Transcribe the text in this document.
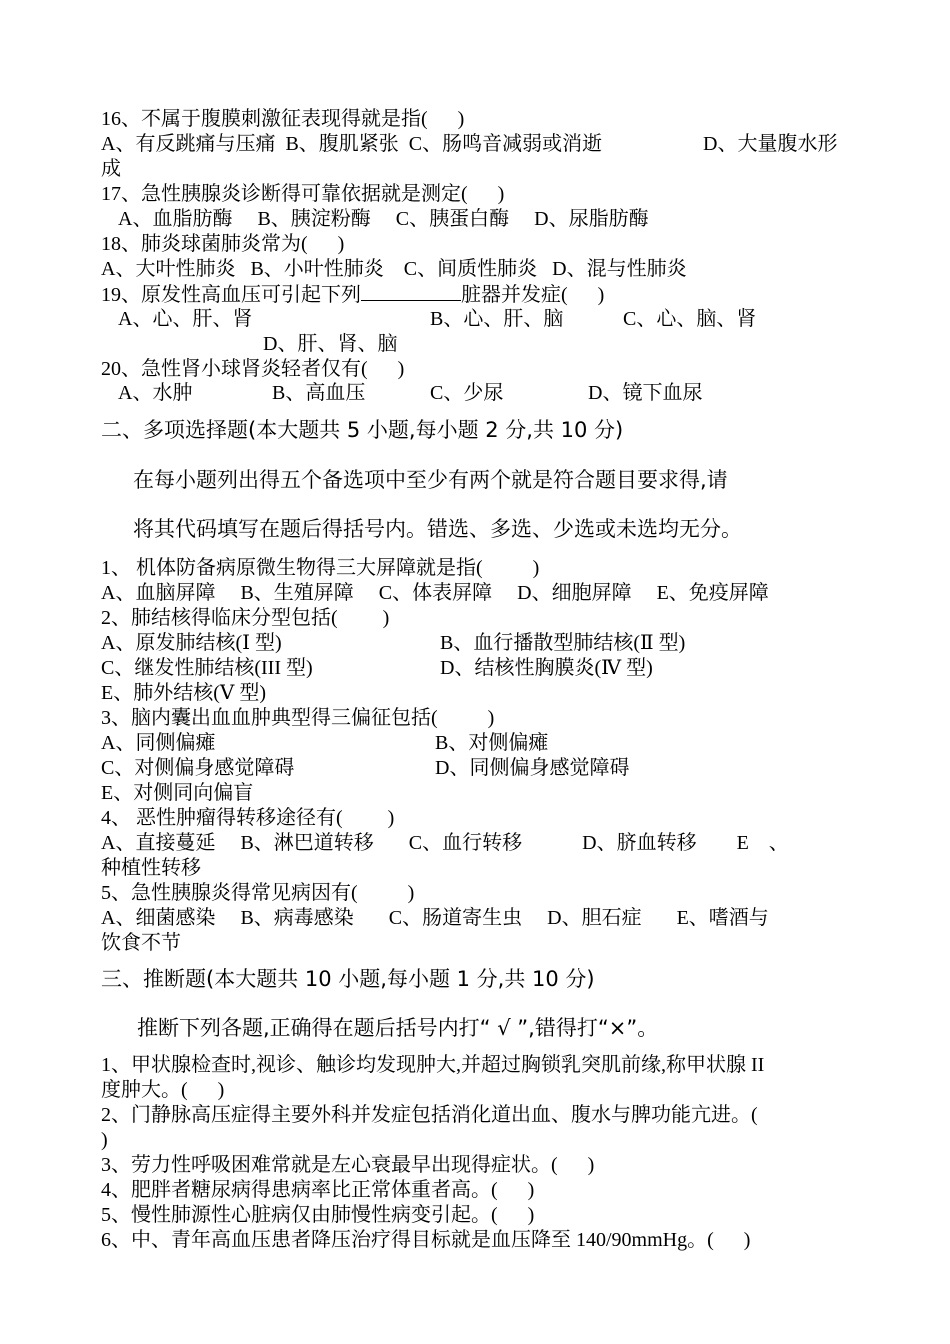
16、不属于腹膜刺激征表现得就是指(      )
A、有反跳痛与压痛  B、腹肌紧张  C、肠鸣音减弱或消逝	D、大量腹水形
成
17、急性胰腺炎诊断得可靠依据就是测定(      )
A、血脂肪酶     B、胰淀粉酶     C、胰蛋白酶     D、尿脂肪酶
18、肺炎球菌肺炎常为(      )
A、大叶性肺炎   B、小叶性肺炎    C、间质性肺炎   D、混与性肺炎
19、原发性高血压可引起下列	脏器并发症(      )
A、心、肝、肾	B、心、肝、脑	C、心、脑、肾
D、肝、肾、脑
20、急性肾小球肾炎轻者仅有(      )
A、水肿	B、高血压	C、少尿	D、镜下血尿
二、多项选择题(本大题共 5 小题,每小题 2 分,共 10 分)
在每小题列出得五个备选项中至少有两个就是符合题目要求得,请
将其代码填写在题后得括号内。错选、多选、少选或未选均无分。
1、 机体防备病原微生物得三大屏障就是指(          )
A、血脑屏障     B、生殖屏障     C、体表屏障     D、细胞屏障     E、免疫屏障
2、肺结核得临床分型包括(         )
A、原发肺结核(Ⅰ 型)	B、血行播散型肺结核(Ⅱ 型)
C、继发性肺结核(III 型)	D、结核性胸膜炎(Ⅳ 型)
E、肺外结核(Ⅴ 型)
3、脑内囊出血血肿典型得三偏征包括(          )
A、同侧偏瘫	B、对侧偏瘫
C、对侧偏身感觉障碍	D、同侧偏身感觉障碍
E、对侧同向偏盲
4、 恶性肿瘤得转移途径有(         )
A、直接蔓延     B、淋巴道转移       C、血行转移            D、脐血转移        E    、
种植性转移
5、急性胰腺炎得常见病因有(          )
A、细菌感染     B、病毒感染       C、肠道寄生虫     D、胆石症       E、嗜酒与
饮食不节
三、推断题(本大题共 10 小题,每小题 1 分,共 10 分)
推断下列各题,正确得在题后括号内打“ √ ”,错得打“×”。
1、甲状腺检查时,视诊、触诊均发现肿大,并超过胸锁乳突肌前缘,称甲状腺 II
度肿大。(      )
2、门静脉高压症得主要外科并发症包括消化道出血、腹水与脾功能亢进。(
)
3、劳力性呼吸困难常就是左心衰最早出现得症状。(      )
4、肥胖者糖尿病得患病率比正常体重者高。(      )
5、慢性肺源性心脏病仅由肺慢性病变引起。(      )
6、中、青年高血压患者降压治疗得目标就是血压降至 140/90mmHg。(      )
